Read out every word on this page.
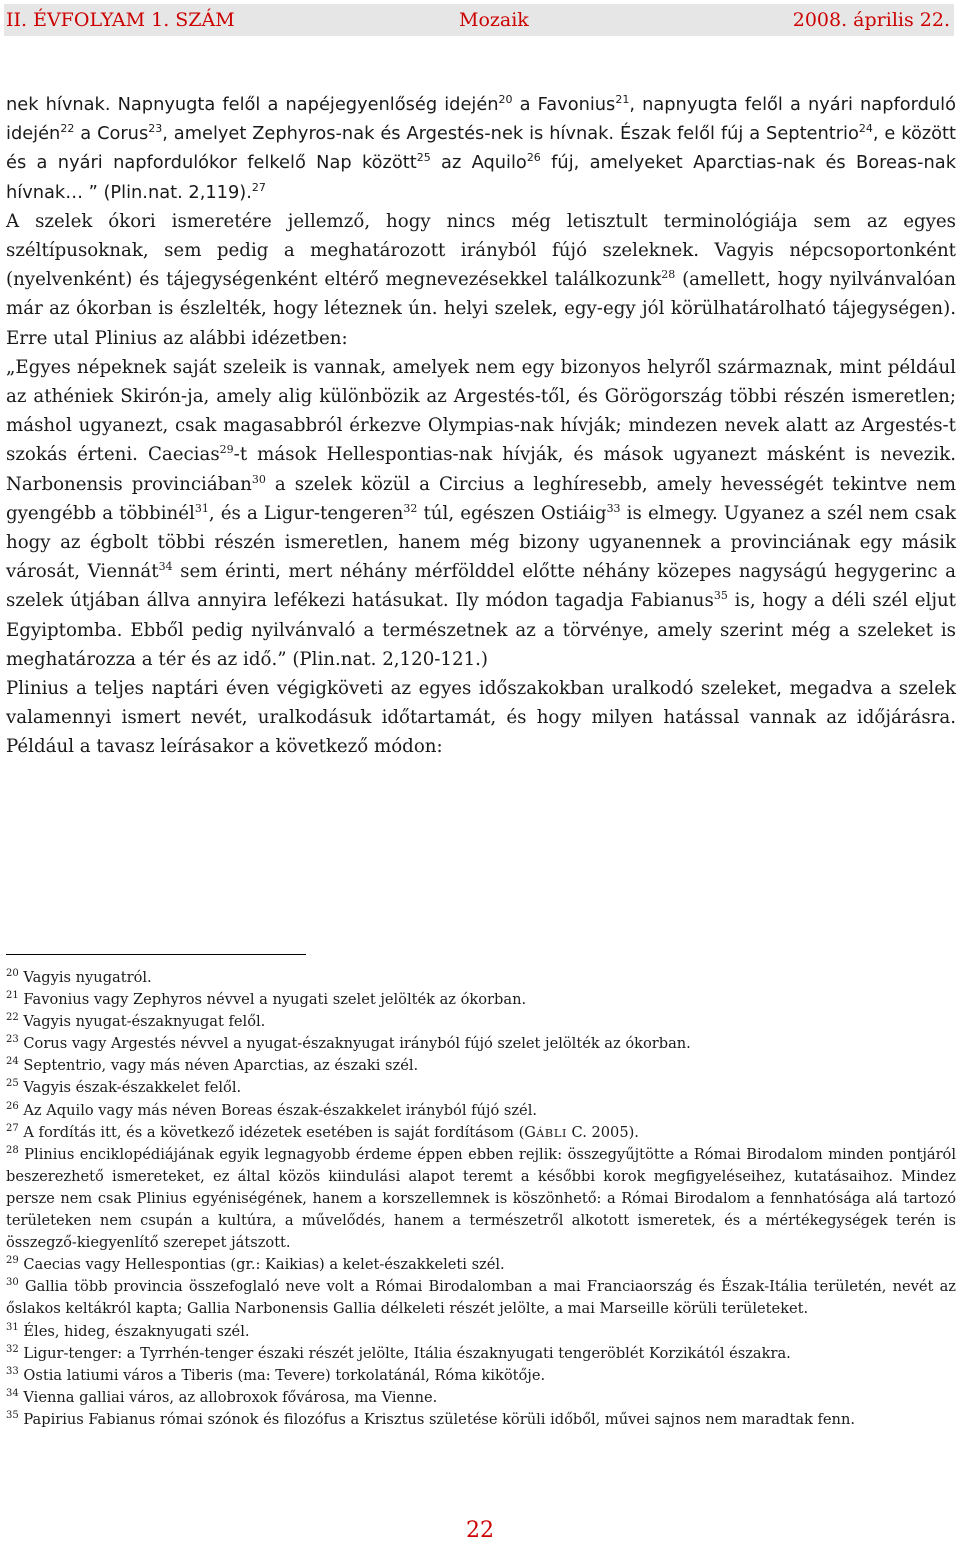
II. ÉVFOLYAM 1. SZÁM	Mozaik	2008. április 22.

nek hívnak. Napnyugta felől a napéjegyenlőség idején$^{20}$ a Favonius$^{21}$, napnyugta felől a nyári napforduló idején$^{22}$ a Corus$^{23}$, amelyet Zephyros-nak és Argestés-nek is hívnak. Észak felől fúj a Septentrio$^{24}$, e között és a nyári napfordulókor felkelő Nap között$^{25}$ az Aquilo$^{26}$ fúj, amelyeket Aparctias-nak és Boreas-nak hívnak… ” (Plin.nat. 2,119).$^{27}$

A szelek ókori ismeretére jellemző, hogy nincs még letisztult terminológiája sem az egyes széltípusoknak, sem pedig a meghatározott irányból fújó szeleknek. Vagyis népcsoportonként (nyelvenként) és tájegységenként eltérő megnevezésekkel találkozunk$^{28}$ (amellett, hogy nyilvánvalóan már az ókorban is észlelték, hogy léteznek ún. helyi szelek, egy-egy jól körülhatárolható tájegységen). Erre utal Plinius az alábbi idézetben:

„Egyes népeknek saját szeleik is vannak, amelyek nem egy bizonyos helyről származnak, mint például az athéniek Skirón-ja, amely alig különbözik az Argestés-től, és Görögország többi részén ismeretlen; máshol ugyanezt, csak magasabbról érkezve Olympias-nak hívják; mindezen nevek alatt az Argestés-t szokás érteni. Caecias$^{29}$-t mások Hellespontias-nak hívják, és mások ugyanezt másként is nevezik. Narbonensis provinciában$^{30}$ a szelek közül a Circius a leghíresebb, amely hevességét tekintve nem gyengébb a többinél$^{31}$, és a Ligur-tengeren$^{32}$ túl, egészen Ostiáig$^{33}$ is elmegy. Ugyanez a szél nem csak hogy az égbolt többi részén ismeretlen, hanem még bizony ugyanennek a provinciának egy másik városát, Viennát$^{34}$ sem érinti, mert néhány mérfölddel előtte néhány közepes nagyságú hegygerinc a szelek útjában állva annyira lefékezi hatásukat. Ily módon tagadja Fabianus$^{35}$ is, hogy a déli szél eljut Egyiptomba. Ebből pedig nyilvánvaló a természetnek az a törvénye, amely szerint még a szeleket is meghatározza a tér és az idő.” (Plin.nat. 2,120-121.)

Plinius a teljes naptári éven végigköveti az egyes időszakokban uralkodó szeleket, megadva a szelek valamennyi ismert nevét, uralkodásuk időtartamát, és hogy milyen hatással vannak az időjárásra. Például a tavasz leírásakor a következő módon:

$^{20}$ Vagyis nyugatról.

$^{21}$ Favonius vagy Zephyros névvel a nyugati szelet jelölték az ókorban.

$^{22}$ Vagyis nyugat-északnyugat felől.

$^{23}$ Corus vagy Argestés névvel a nyugat-északnyugat irányból fújó szelet jelölték az ókorban.

$^{24}$ Septentrio, vagy más néven Aparctias, az északi szél.

$^{25}$ Vagyis észak-északkelet felől.

$^{26}$ Az Aquilo vagy más néven Boreas észak-északkelet irányból fújó szél.

$^{27}$ A fordítás itt, és a következő idézetek esetében is saját fordításom (GÁBLI C. 2005).

$^{28}$ Plinius enciklopédiájának egyik legnagyobb érdeme éppen ebben rejlik: összegyűjtötte a Római Birodalom minden pontjáról beszerezhető ismereteket, ez által közös kiindulási alapot teremt a későbbi korok megfigyeléseihez, kutatásaihoz. Mindez persze nem csak Plinius egyéniségének, hanem a korszellemnek is köszönhető: a Római Birodalom a fennhatósága alá tartozó területeken nem csupán a kultúra, a művelődés, hanem a természetről alkotott ismeretek, és a mértékegységek terén is összegző-kiegyenlítő szerepet játszott.

$^{29}$ Caecias vagy Hellespontias (gr.: Kaikias) a kelet-északkeleti szél.

$^{30}$ Gallia több provincia összefoglaló neve volt a Római Birodalomban a mai Franciaország és Észak-Itália területén, nevét az őslakos keltákról kapta; Gallia Narbonensis Gallia délkeleti részét jelölte, a mai Marseille körüli területeket.

$^{31}$ Éles, hideg, északnyugati szél.

$^{32}$ Ligur-tenger: a Tyrrhén-tenger északi részét jelölte, Itália északnyugati tengeröblét Korzikától északra.

$^{33}$ Ostia latiumi város a Tiberis (ma: Tevere) torkolatánál, Róma kikötője.

$^{34}$ Vienna galliai város, az allobroxok fővárosa, ma Vienne.

$^{35}$ Papirius Fabianus római szónok és filozófus a Krisztus születése körüli időből, művei sajnos nem maradtak fenn.

22
